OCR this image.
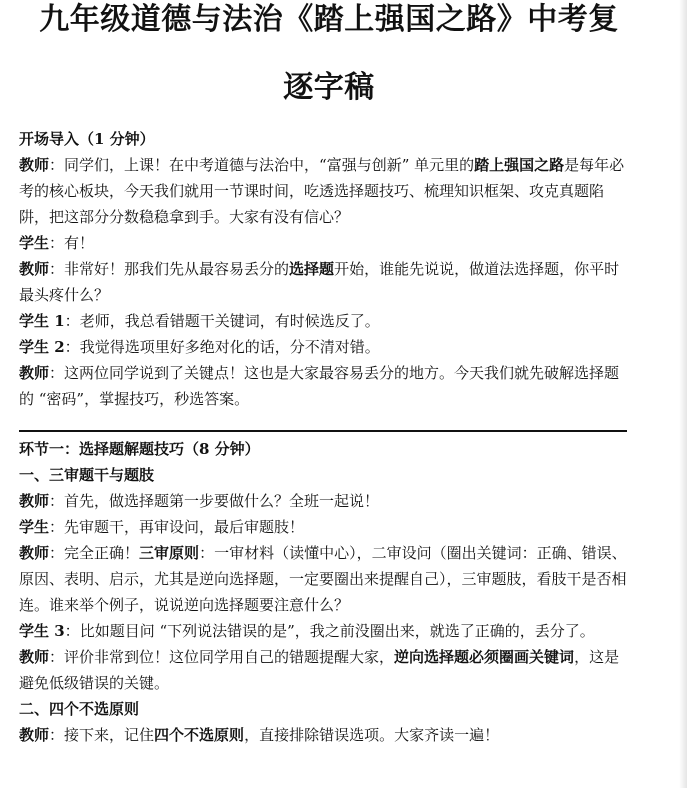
九年级道德与法治《踏上强国之路》中考复
逐字稿

开场导入（1 分钟）

教师：同学们，上课！在中考道德与法治中，“富强与创新” 单元里的踏上强国之路是每年必考的核心板块，今天我们就用一节课时间，吃透选择题技巧、梳理知识框架、攻克真题陷阱，把这部分分数稳稳拿到手。大家有没有信心？

学生：有！

教师：非常好！那我们先从最容易丢分的选择题开始，谁能先说说，做道法选择题，你平时最头疼什么？

学生 1：老师，我总看错题干关键词，有时候选反了。

学生 2：我觉得选项里好多绝对化的话，分不清对错。

教师：这两位同学说到了关键点！这也是大家最容易丢分的地方。今天我们就先破解选择题的 “密码”，掌握技巧，秒选答案。

环节一：选择题解题技巧（8 分钟）

一、三审题干与题肢

教师：首先，做选择题第一步要做什么？全班一起说！

学生：先审题干，再审设问，最后审题肢！

教师：完全正确！三审原则：一审材料（读懂中心），二审设问（圈出关键词：正确、错误、原因、表明、启示，尤其是逆向选择题，一定要圈出来提醒自己），三审题肢，看肢干是否相连。谁来举个例子，说说逆向选择题要注意什么？

学生 3：比如题目问 “下列说法错误的是”，我之前没圈出来，就选了正确的，丢分了。

教师：评价非常到位！这位同学用自己的错题提醒大家，逆向选择题必须圈画关键词，这是避免低级错误的关键。

二、四个不选原则

教师：接下来，记住四个不选原则，直接排除错误选项。大家齐读一遍！
